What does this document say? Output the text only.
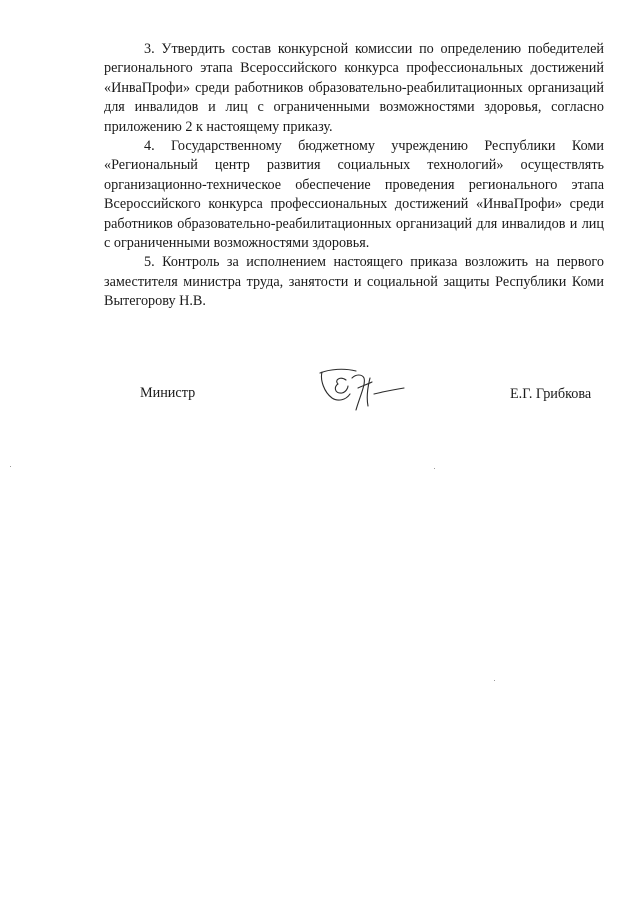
3. Утвердить состав конкурсной комиссии по определению победителей регионального этапа Всероссийского конкурса профессиональных достижений «ИнваПрофи» среди работников образовательно-реабилитационных организаций для инвалидов и лиц с ограниченными возможностями здоровья, согласно приложению 2 к настоящему приказу.

4. Государственному бюджетному учреждению Республики Коми «Региональный центр развития социальных технологий» осуществлять организационно-техническое обеспечение проведения регионального этапа Всероссийского конкурса профессиональных достижений «ИнваПрофи» среди работников образовательно-реабилитационных организаций для инвалидов и лиц с ограниченными возможностями здоровья.

5. Контроль за исполнением настоящего приказа возложить на первого заместителя министра труда, занятости и социальной защиты Республики Коми Вытегорову Н.В.

Министр	Е.Г. Грибкова
